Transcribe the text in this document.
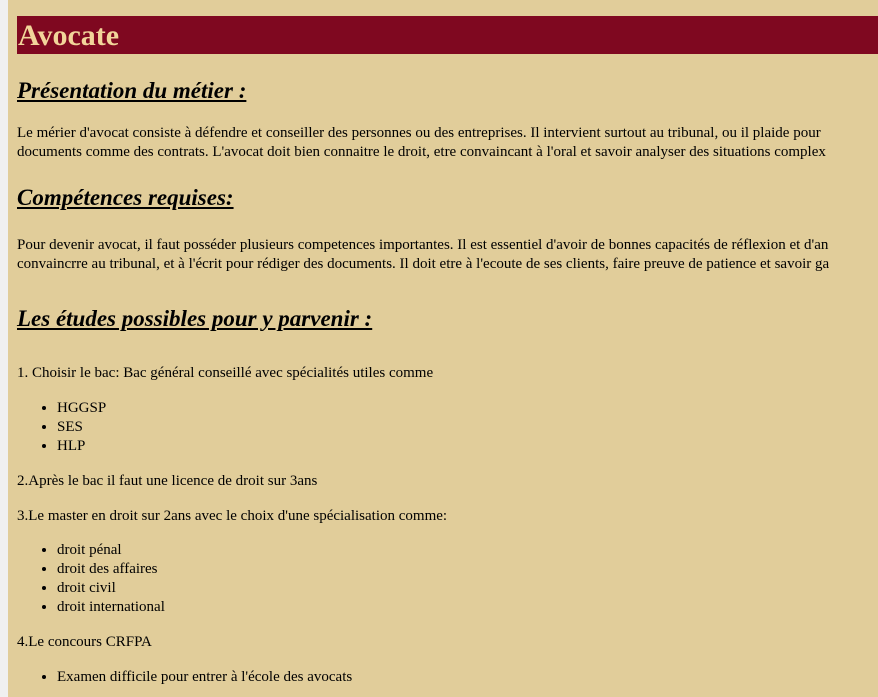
Avocate
Présentation du métier :

Le mérier d'avocat consiste à défendre et conseiller des personnes ou des entreprises. Il intervient surtout au tribunal, ou il plaide pour

documents comme des contrats. L'avocat doit bien connaitre le droit, etre convaincant à l'oral et savoir analyser des situations complex

Compétences requises:

Pour devenir avocat, il faut posséder plusieurs competences importantes. Il est essentiel d'avoir de bonnes capacités de réflexion et d'an

convaincrre au tribunal, et à l'écrit pour rédiger des documents. Il doit etre à l'ecoute de ses clients, faire preuve de patience et savoir ga

Les études possibles pour y parvenir :

1. Choisir le bac: Bac général conseillé avec spécialités utiles comme

• HGGSP
• SES
• HLP

2.Après le bac il faut une licence de droit sur 3ans

3.Le master en droit sur 2ans avec le choix d'une spécialisation comme:

• droit pénal
• droit des affaires
• droit civil
• droit international

4.Le concours CRFPA

• Examen difficile pour entrer à l'école des avocats
